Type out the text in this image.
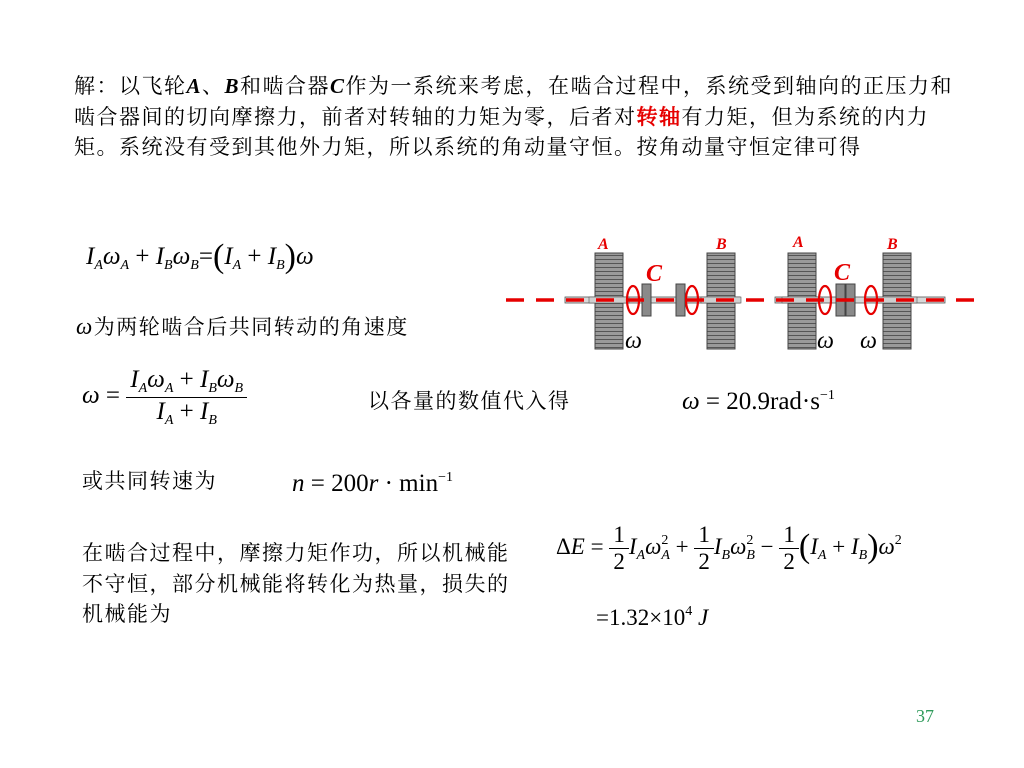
解：以飞轮A、B和啮合器C作为一系统来考虑，在啮合过程中，系统受到轴向的正压力和啮合器间的切向摩擦力，前者对转轴的力矩为零，后者对转轴有力矩，但为系统的内力矩。系统没有受到其他外力矩，所以系统的角动量守恒。按角动量守恒定律可得
$I_A\omega_A + I_B\omega_B=(I_A + I_B)\omega$
ω为两轮啮合后共同转动的角速度
$\omega = \frac{I_A\omega_A + I_B\omega_B}{I_A + I_B}$	以各量的数值代入得	$\omega = 20.9rad\cdot s^{-1}$
或共同转速为	$n = 200r \cdot \min^{-1}$
在啮合过程中，摩擦力矩作功，所以机械能不守恒，部分机械能将转化为热量，损失的机械能为
$\Delta E = \frac{1}{2} I_A\omega^2_A + \frac{1}{2} I_B\omega^2_B - \frac{1}{2} (I_A + I_B)\omega^2$
$=1.32\times 10^4$ J
A	B	A	B
C	C
ω	ω ω
37
